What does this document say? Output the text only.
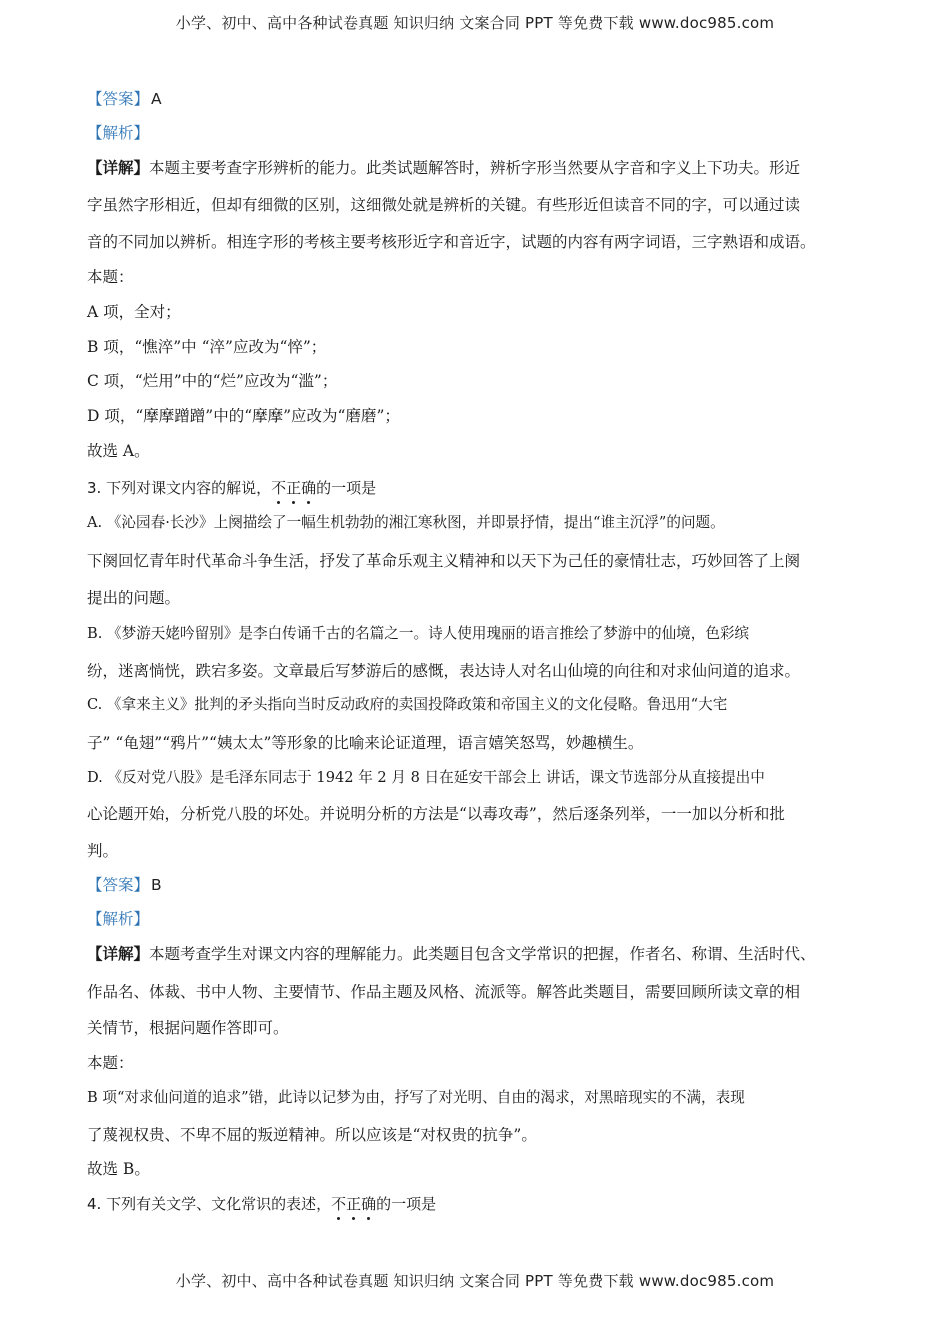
小学、初中、高中各种试卷真题 知识归纳 文案合同 PPT 等免费下载 www.doc985.com
【答案】 A
【解析】
【详解】本题主要考查字形辨析的能力。此类试题解答时，辨析字形当然要从字音和字义上下功夫。形近
字虽然字形相近，但却有细微的区别，这细微处就是辨析的关键。有些形近但读音不同的字，可以通过读
音的不同加以辨析。相连字形的考核主要考核形近字和音近字，试题的内容有两字词语，三字熟语和成语。
本题：
A 项，全对；
B 项，“憔淬”中 “淬”应改为“悴”；
C 项，“烂用”中的“烂”应改为“滥”；
D 项，“摩摩蹭蹭”中的“摩摩”应改为“磨磨”；
故选 A。
3. 下列对课文内容的解说，不正确的一项是
A. 《沁园春·长沙》上阕描绘了一幅生机勃勃的湘江寒秋图，并即景抒情，提出“谁主沉浮”的问题。
下阕回忆青年时代革命斗争生活，抒发了革命乐观主义精神和以天下为己任的豪情壮志，巧妙回答了上阕
提出的问题。
B. 《梦游天姥吟留别》是李白传诵千古的名篇之一。诗人使用瑰丽的语言推绘了梦游中的仙境，色彩缤
纷，迷离惝恍，跌宕多姿。文章最后写梦游后的感慨，表达诗人对名山仙境的向往和对求仙问道的追求。
C. 《拿来主义》批判的矛头指向当时反动政府的卖国投降政策和帝国主义的文化侵略。鲁迅用“大宅
子” “龟翅”“鸦片”“姨太太”等形象的比喻来论证道理，语言嬉笑怒骂，妙趣横生。
D. 《反对党八股》是毛泽东同志于 1942 年 2 月 8 日在延安干部会上 讲话，课文节选部分从直接提出中
心论题开始，分析党八股的坏处。并说明分析的方法是“以毒攻毒”，然后逐条列举，一一加以分析和批
判。
【答案】 B
【解析】
【详解】本题考查学生对课文内容的理解能力。此类题目包含文学常识的把握，作者名、称谓、生活时代、
作品名、体裁、书中人物、主要情节、作品主题及风格、流派等。解答此类题目，需要回顾所读文章的相
关情节，根据问题作答即可。
本题：
B 项“对求仙问道的追求”错，此诗以记梦为由，抒写了对光明、自由的渴求，对黑暗现实的不满，表现
了蔑视权贵、不卑不屈的叛逆精神。所以应该是“对权贵的抗争”。
故选 B。
4. 下列有关文学、文化常识的表述，不正确的一项是
小学、初中、高中各种试卷真题 知识归纳 文案合同 PPT 等免费下载 www.doc985.com
